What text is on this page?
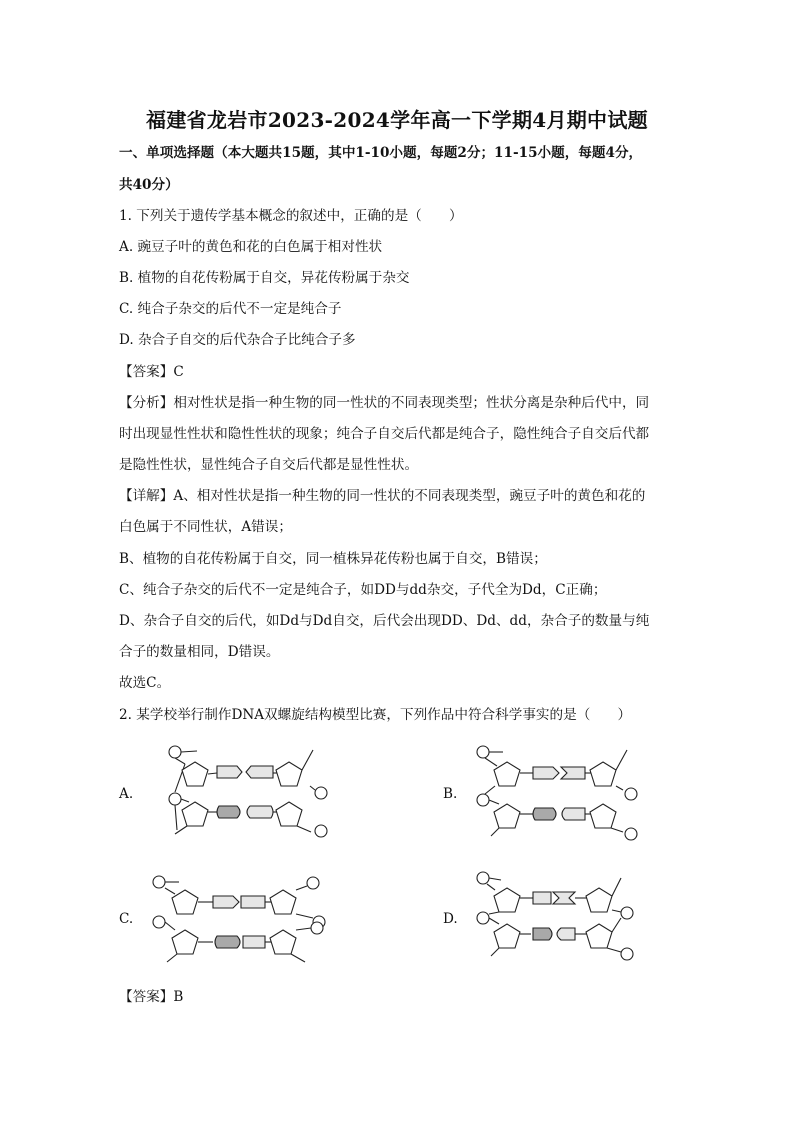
福建省龙岩市2023-2024学年高一下学期4月期中试题
一、单项选择题（本大题共15题，其中1-10小题，每题2分；11-15小题，每题4分，
共40分）
1. 下列关于遗传学基本概念的叙述中，正确的是（　　）
A. 豌豆子叶的黄色和花的白色属于相对性状
B. 植物的自花传粉属于自交，异花传粉属于杂交
C. 纯合子杂交的后代不一定是纯合子
D. 杂合子自交的后代杂合子比纯合子多
【答案】C
【分析】相对性状是指一种生物的同一性状的不同表现类型；性状分离是杂种后代中，同
时出现显性性状和隐性性状的现象；纯合子自交后代都是纯合子，隐性纯合子自交后代都
是隐性性状，显性纯合子自交后代都是显性性状。
【详解】A、相对性状是指一种生物的同一性状的不同表现类型，豌豆子叶的黄色和花的
白色属于不同性状，A错误；
B、植物的自花传粉属于自交，同一植株异花传粉也属于自交，B错误；
C、纯合子杂交的后代不一定是纯合子，如DD与dd杂交，子代全为Dd，C正确；
D、杂合子自交的后代，如Dd与Dd自交，后代会出现DD、Dd、dd，杂合子的数量与纯
合子的数量相同，D错误。
故选C。
2. 某学校举行制作DNA双螺旋结构模型比赛，下列作品中符合科学事实的是（　　）
A.	B.
C.	D.
【答案】B
